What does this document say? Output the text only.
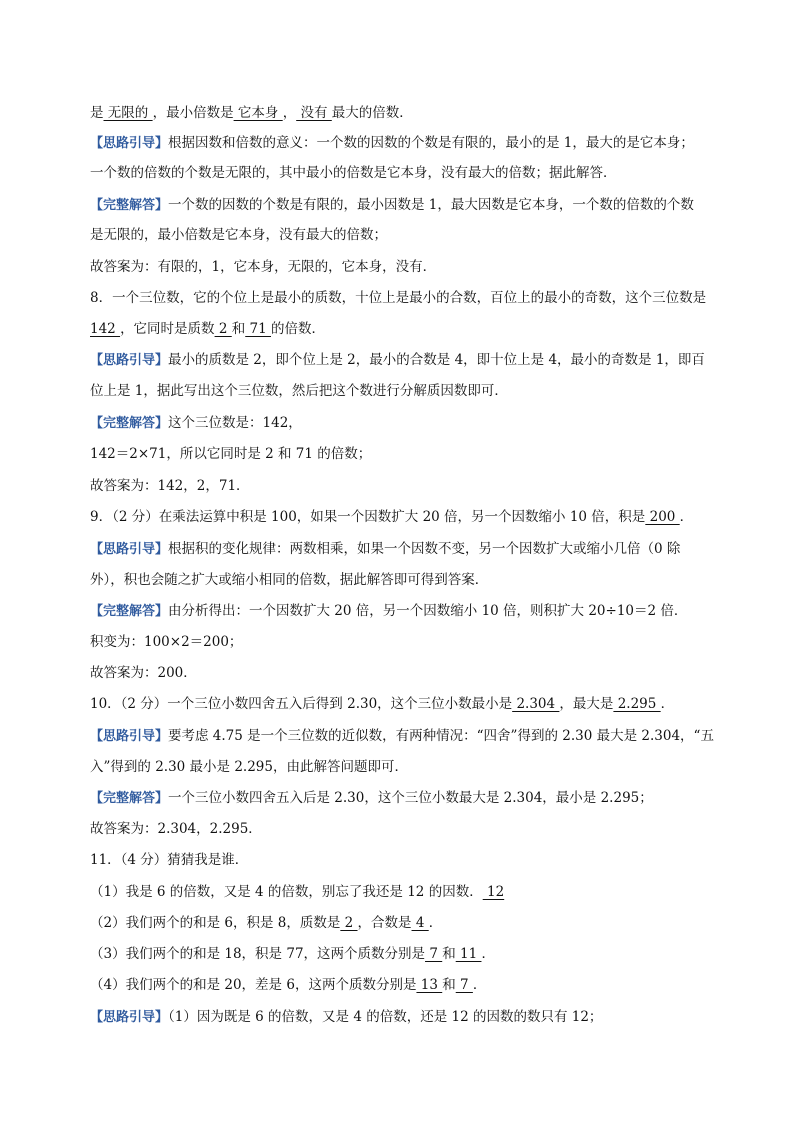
是 无限的 ，最小倍数是 它本身 ， 没有 最大的倍数．
【思路引导】根据因数和倍数的意义：一个数的因数的个数是有限的，最小的是 1，最大的是它本身；
一个数的倍数的个数是无限的，其中最小的倍数是它本身，没有最大的倍数；据此解答．
【完整解答】一个数的因数的个数是有限的，最小因数是 1，最大因数是它本身，一个数的倍数的个数
是无限的，最小倍数是它本身，没有最大的倍数；
故答案为：有限的，1，它本身，无限的，它本身，没有．
8．一个三位数，它的个位上是最小的质数，十位上是最小的合数，百位上的最小的奇数，这个三位数是
142 ，它同时是质数 2 和 71 的倍数．
【思路引导】最小的质数是 2，即个位上是 2，最小的合数是 4，即十位上是 4，最小的奇数是 1，即百
位上是 1，据此写出这个三位数，然后把这个数进行分解质因数即可．
【完整解答】这个三位数是：142，
142＝2×71，所以它同时是 2 和 71 的倍数；
故答案为：142，2，71．
9．（2 分）在乘法运算中积是 100，如果一个因数扩大 20 倍，另一个因数缩小 10 倍，积是 200 ．
【思路引导】根据积的变化规律：两数相乘，如果一个因数不变，另一个因数扩大或缩小几倍（0 除
外），积也会随之扩大或缩小相同的倍数，据此解答即可得到答案．
【完整解答】由分析得出：一个因数扩大 20 倍，另一个因数缩小 10 倍，则积扩大 20÷10＝2 倍．
积变为：100×2＝200；
故答案为：200．
10．（2 分）一个三位小数四舍五入后得到 2.30，这个三位小数最小是 2.304 ，最大是 2.295 ．
【思路引导】要考虑 4.75 是一个三位数的近似数，有两种情况：“四舍”得到的 2.30 最大是 2.304，“五
入”得到的 2.30 最小是 2.295，由此解答问题即可．
【完整解答】一个三位小数四舍五入后是 2.30，这个三位小数最大是 2.304，最小是 2.295；
故答案为：2.304，2.295．
11．（4 分）猜猜我是谁．
（1）我是 6 的倍数，又是 4 的倍数，别忘了我还是 12 的因数． 12
（2）我们两个的和是 6，积是 8，质数是 2 ，合数是 4 ．
（3）我们两个的和是 18，积是 77，这两个质数分别是 7 和 11 ．
（4）我们两个的和是 20，差是 6，这两个质数分别是 13 和 7 ．
【思路引导】（1）因为既是 6 的倍数，又是 4 的倍数，还是 12 的因数的数只有 12；
